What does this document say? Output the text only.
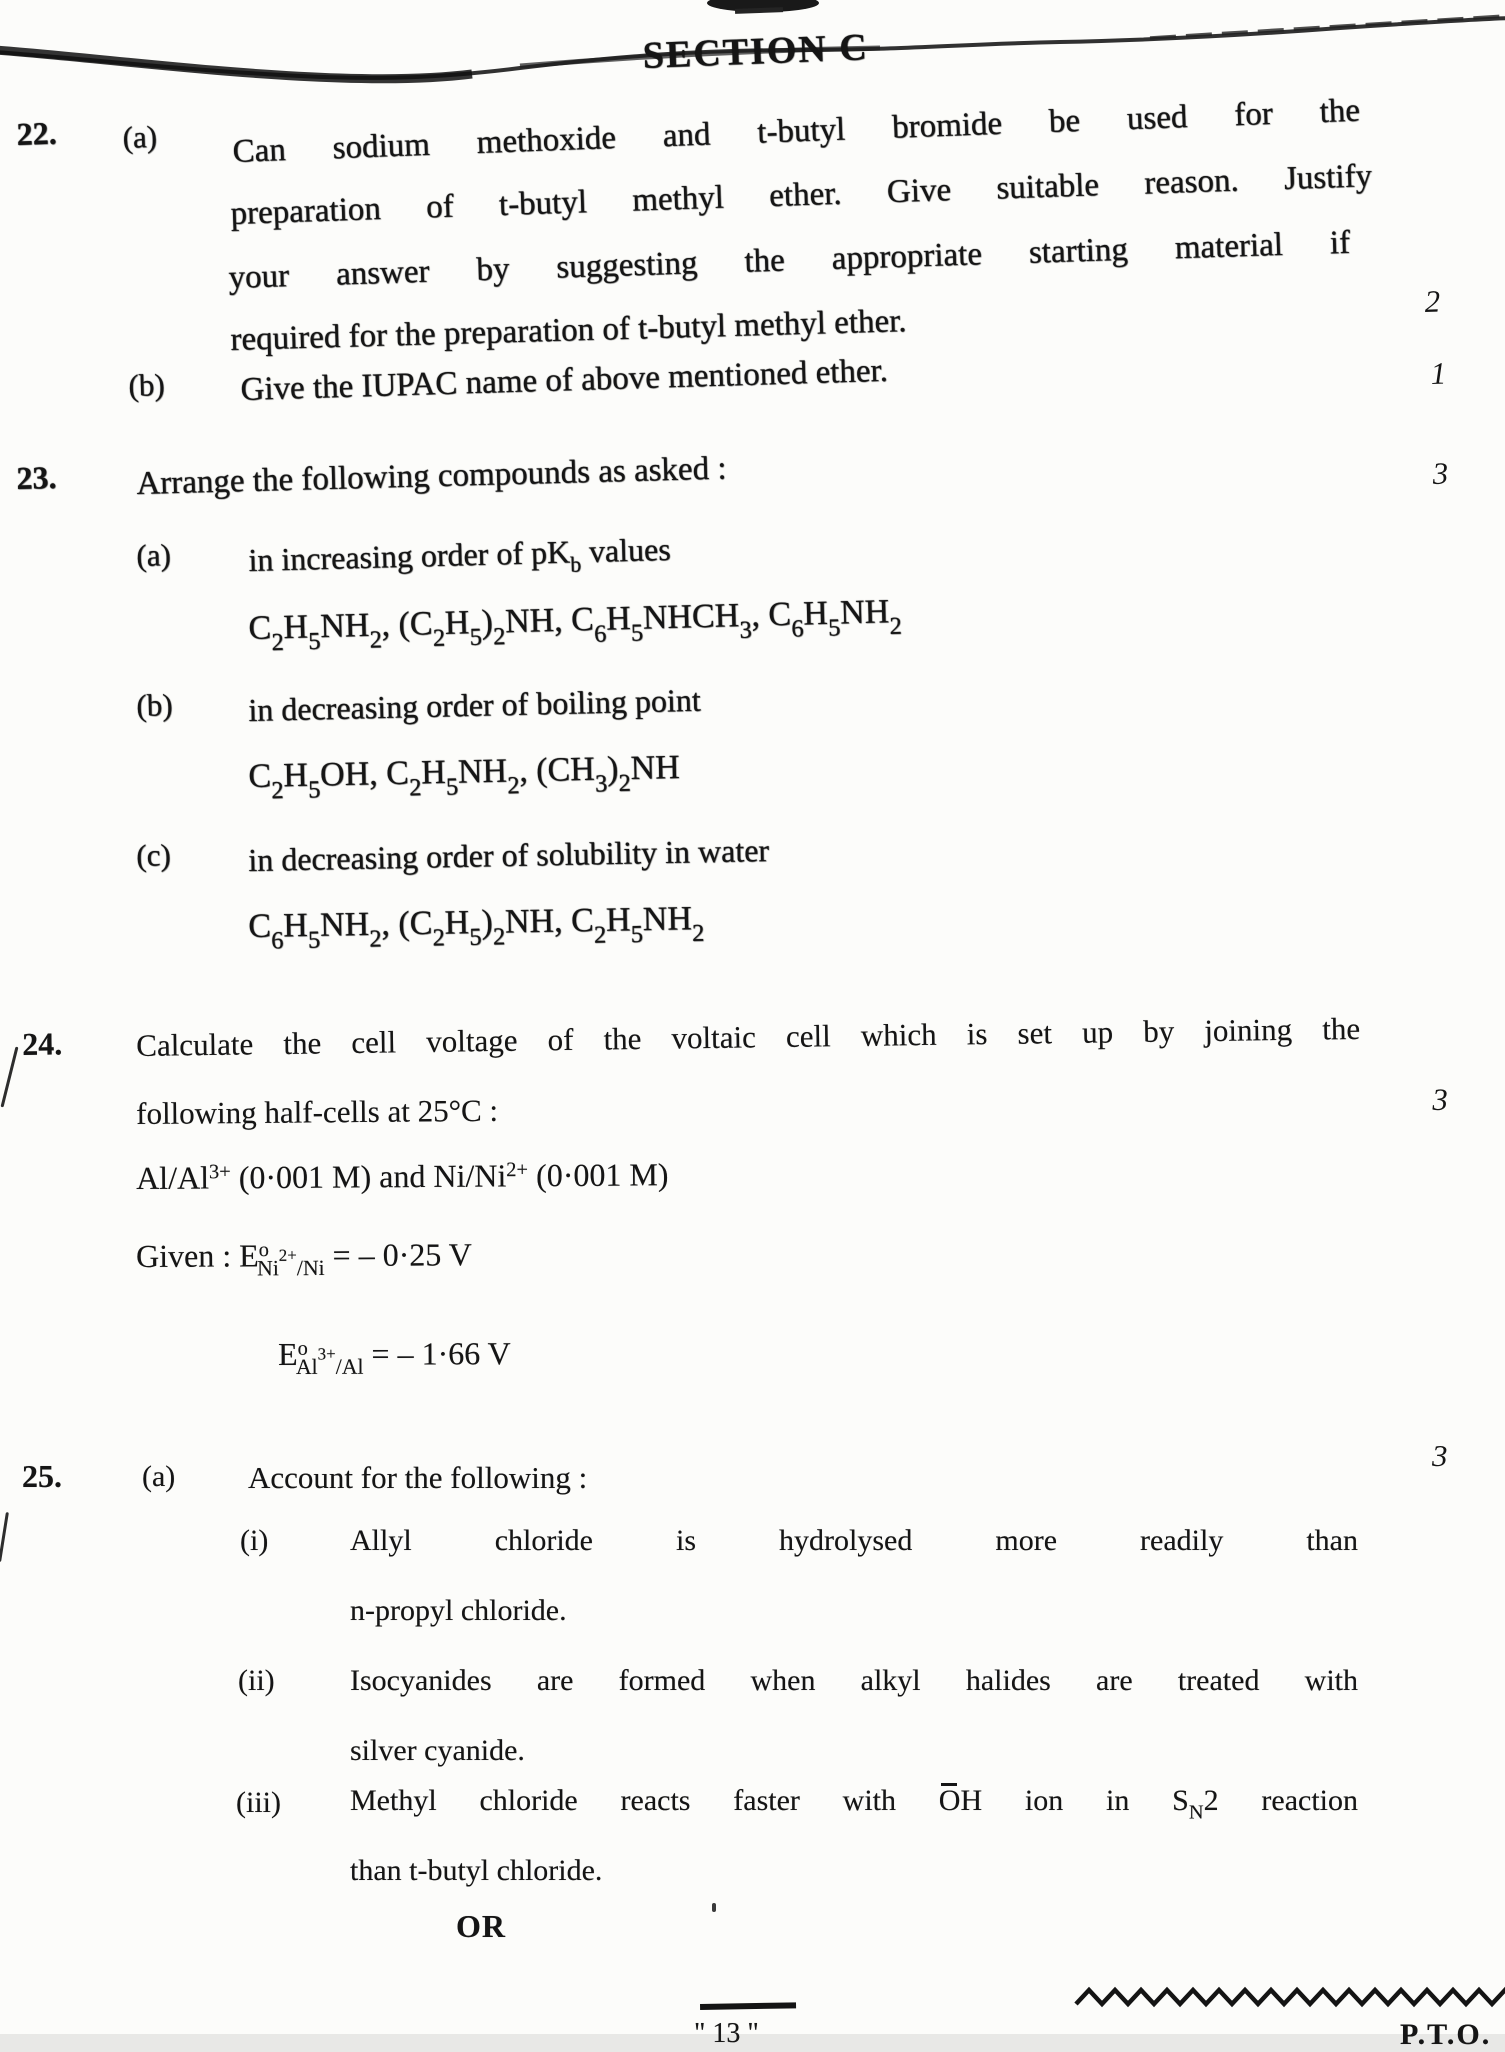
SECTION C
22. (a) Can sodium methoxide and t-butyl bromide be used for the
preparation of t-butyl methyl ether. Give suitable reason. Justify
your answer by suggesting the appropriate starting material if
required for the preparation of t-butyl methyl ether.
2
(b) Give the IUPAC name of above mentioned ether.	1
23. Arrange the following compounds as asked :	3
(a) in increasing order of $pK_b$ values
$C_2H_5NH_2$, $(C_2H_5)_2NH$, $C_6H_5NHCH_3$, $C_6H_5NH_2$
(b) in decreasing order of boiling point
$C_2H_5OH$, $C_2H_5NH_2$, $(CH_3)_2NH$
(c) in decreasing order of solubility in water
$C_6H_5NH_2$, $(C_2H_5)_2NH$, $C_2H_5NH_2$
24. Calculate the cell voltage of the voltaic cell which is set up by joining the
following half-cells at 25°C :	3
$Al/Al^{3+}$ (0·001 M) and $Ni/Ni^{2+}$ (0·001 M)
Given : $E^o_{Ni^{2+}/Ni}$ = – 0·25 V
$E^o_{Al^{3+}/Al}$ = – 1·66 V
25.	(a) Account for the following :
3
(i)	Allyl chloride is hydrolysed more readily than
n-propyl chloride.
(ii)	Isocyanides are formed when alkyl halides are treated with
silver cyanide.
(iii) Methyl chloride reacts faster with OH ion in $S_N2$ reaction
than t-butyl chloride.
OR
" 13 "	P.T.O.
